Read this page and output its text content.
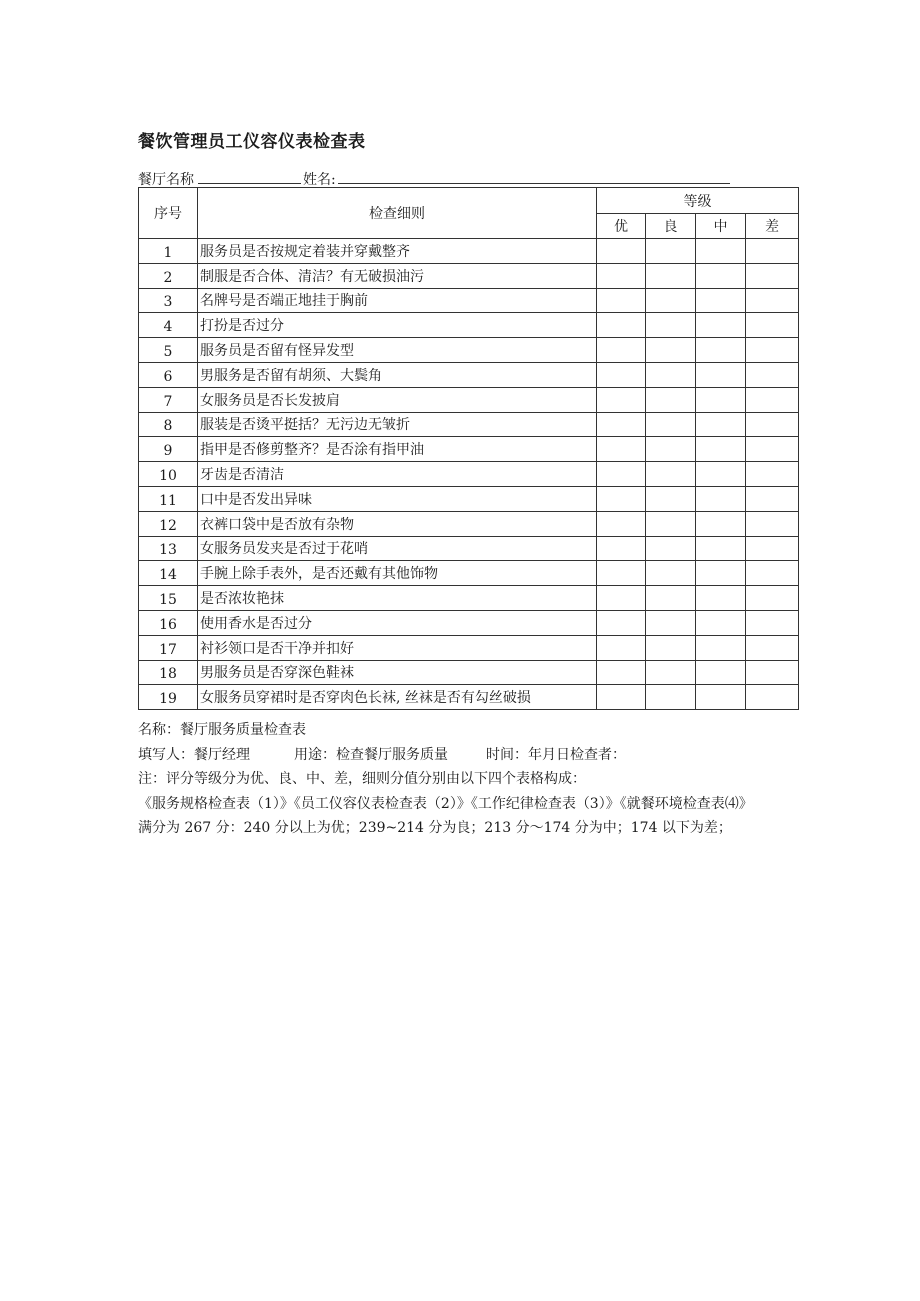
餐饮管理员工仪容仪表检查表
餐厅名称	姓名:
序号	检查细则	等级			
		优	良	中	差
1	服务员是否按规定着装并穿戴整齐				
2	制服是否合体、清洁？有无破损油污				
3	名牌号是否端正地挂于胸前				
4	打扮是否过分				
5	服务员是否留有怪异发型				
6	男服务是否留有胡须、大鬓角				
7	女服务员是否长发披肩				
8	服装是否烫平挺括？无污边无皱折				
9	指甲是否修剪整齐？是否涂有指甲油				
10	牙齿是否清洁				
11	口中是否发出异味				
12	衣裤口袋中是否放有杂物				
13	女服务员发夹是否过于花哨				
14	手腕上除手表外，是否还戴有其他饰物				
15	是否浓妆艳抹				
16	使用香水是否过分				
17	衬衫领口是否干净并扣好				
18	男服务员是否穿深色鞋袜				
19	女服务员穿裙时是否穿肉色长袜, 丝袜是否有勾丝破损				

名称：餐厅服务质量检查表

填写人：餐厅经理	用途：检查餐厅服务质量	时间：年月日检查者：

注：评分等级分为优、良、中、差，细则分值分别由以下四个表格构成：

《服务规格检查表（1）》《员工仪容仪表检查表（2）》《工作纪律检查表（3）》《就餐环境检查表⑷》

满分为 267 分：240 分以上为优；239~214 分为良；213 分～174 分为中；174 以下为差；
